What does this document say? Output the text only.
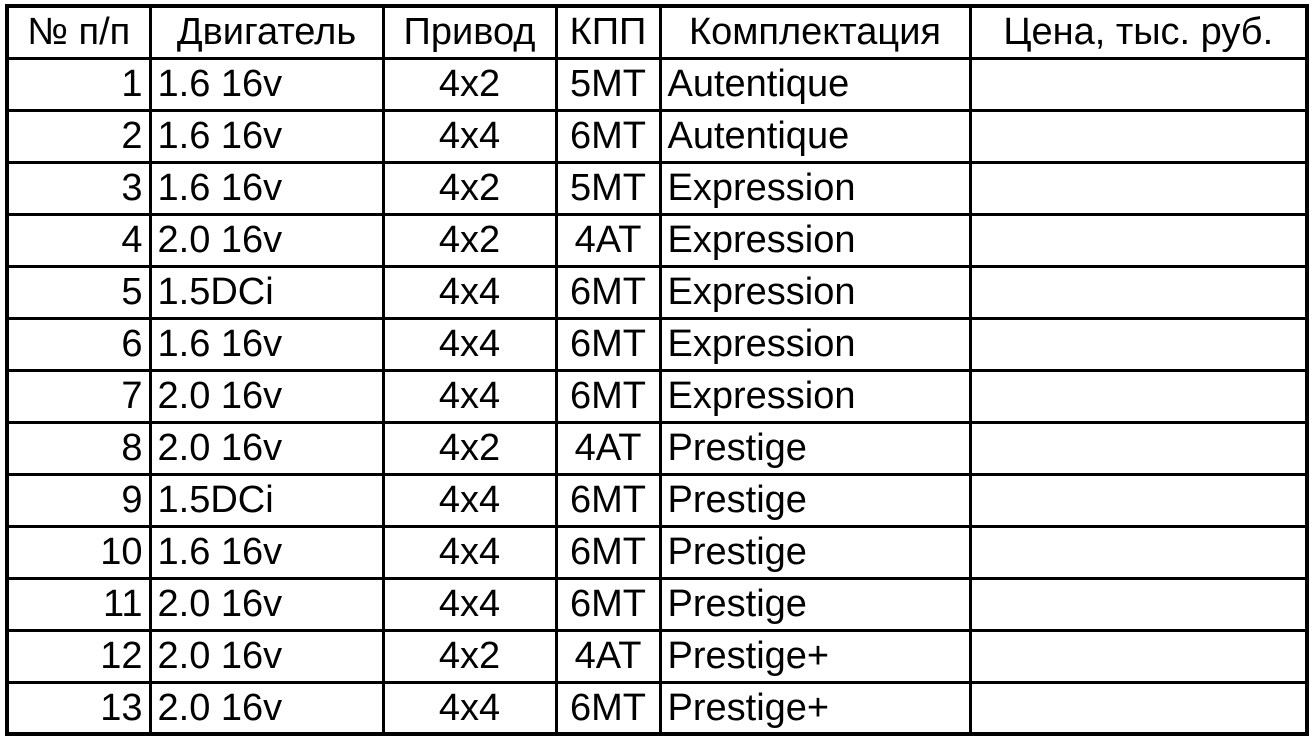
№ п/п	Двигатель	Привод	КПП	Комплектация	Цена, тыс. руб.
1	1.6 16v	4x2	5MT	Autentique	
2	1.6 16v	4x4	6MT	Autentique	
3	1.6 16v	4x2	5MT	Expression	
4	2.0 16v	4x2	4AT	Expression	
5	1.5DCi	4x4	6MT	Expression	
6	1.6 16v	4x4	6MT	Expression	
7	2.0 16v	4x4	6MT	Expression	
8	2.0 16v	4x2	4AT	Prestige	
9	1.5DCi	4x4	6MT	Prestige	
10	1.6 16v	4x4	6MT	Prestige	
11	2.0 16v	4x4	6MT	Prestige	
12	2.0 16v	4x2	4AT	Prestige+	
13	2.0 16v	4x4	6MT	Prestige+	
